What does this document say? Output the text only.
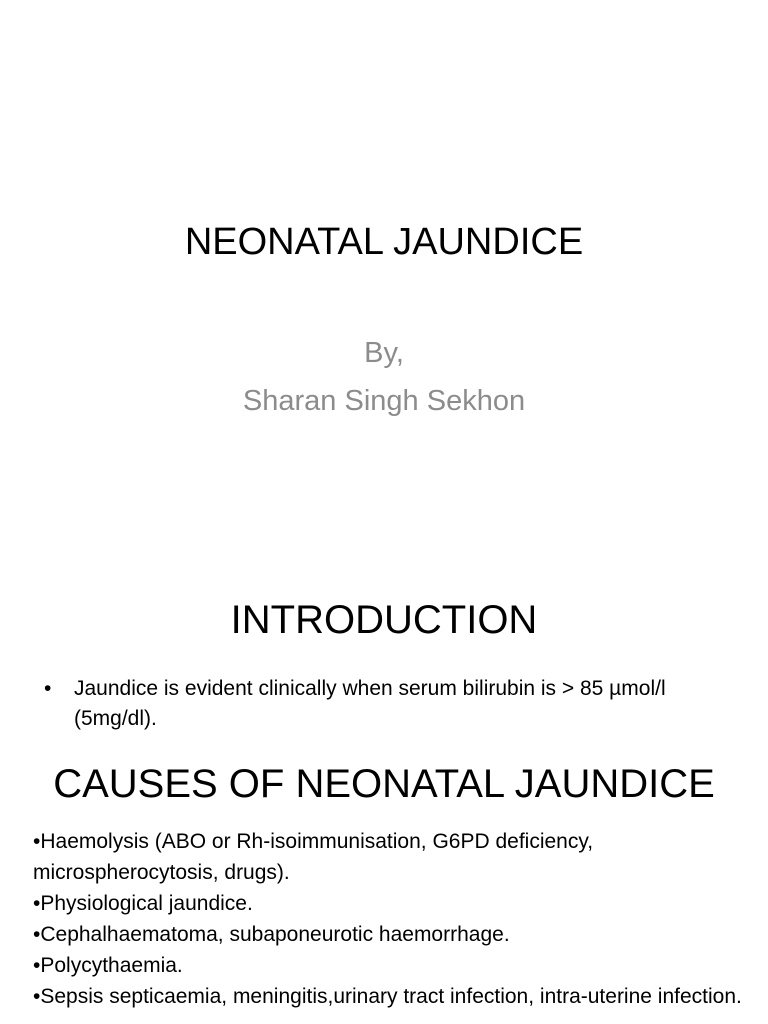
NEONATAL JAUNDICE
By,
Sharan Singh Sekhon
INTRODUCTION
•	Jaundice is evident clinically when serum bilirubin is > 85 µmol/l (5mg/dl).
CAUSES OF NEONATAL JAUNDICE

•Haemolysis (ABO or Rh-isoimmunisation, G6PD deficiency, microspherocytosis, drugs).

•Physiological jaundice.

•Cephalhaematoma, subaponeurotic haemorrhage.

•Polycythaemia.

•Sepsis septicaemia, meningitis,urinary tract infection, intra-uterine infection.
